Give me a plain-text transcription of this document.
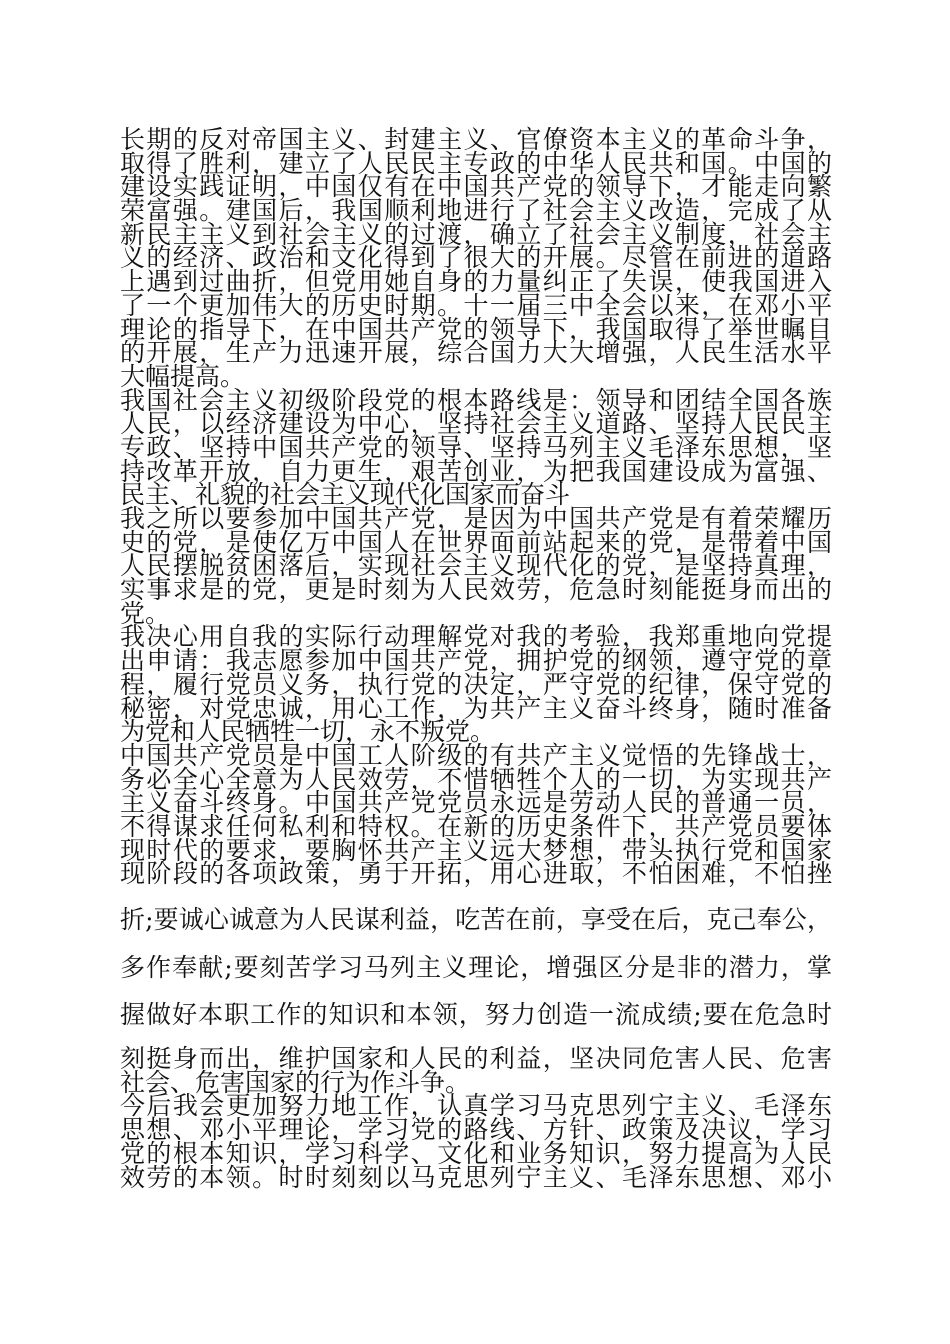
长期的反对帝国主义、封建主义、官僚资本主义的革命斗争，
取得了胜利，建立了人民民主专政的中华人民共和国。中国的
建设实践证明，中国仅有在中国共产党的领导下，才能走向繁
荣富强。建国后，我国顺利地进行了社会主义改造，完成了从
新民主主义到社会主义的过渡，确立了社会主义制度，社会主
义的经济、政治和文化得到了很大的开展。尽管在前进的道路
上遇到过曲折，但党用她自身的力量纠正了失误，使我国进入
了一个更加伟大的历史时期。十一届三中全会以来，在邓小平
理论的指导下，在中国共产党的领导下，我国取得了举世瞩目
的开展，生产力迅速开展，综合国力大大增强，人民生活水平
大幅提高。
我国社会主义初级阶段党的根本路线是：领导和团结全国各族
人民，以经济建设为中心，坚持社会主义道路、坚持人民民主
专政、坚持中国共产党的领导、坚持马列主义毛泽东思想，坚
持改革开放，自力更生，艰苦创业，为把我国建设成为富强、
民主、礼貌的社会主义现代化国家而奋斗
我之所以要参加中国共产党，是因为中国共产党是有着荣耀历
史的党，是使亿万中国人在世界面前站起来的党，是带着中国
人民摆脱贫困落后，实现社会主义现代化的党，是坚持真理，
实事求是的党，更是时刻为人民效劳，危急时刻能挺身而出的
党。
我决心用自我的实际行动理解党对我的考验，我郑重地向党提
出申请：我志愿参加中国共产党，拥护党的纲领，遵守党的章
程，履行党员义务，执行党的决定，严守党的纪律，保守党的
秘密，对党忠诚，用心工作，为共产主义奋斗终身，随时准备
为党和人民牺牲一切，永不叛党。
中国共产党员是中国工人阶级的有共产主义觉悟的先锋战士，
务必全心全意为人民效劳，不惜牺牲个人的一切，为实现共产
主义奋斗终身。中国共产党党员永远是劳动人民的普通一员，
不得谋求任何私利和特权。在新的历史条件下，共产党员要体
现时代的要求，要胸怀共产主义远大梦想，带头执行党和国家
现阶段的各项政策，勇于开拓，用心进取，不怕困难，不怕挫
折;要诚心诚意为人民谋利益，吃苦在前，享受在后，克己奉公，
多作奉献;要刻苦学习马列主义理论，增强区分是非的潜力，掌
握做好本职工作的知识和本领，努力创造一流成绩;要在危急时
刻挺身而出，维护国家和人民的利益，坚决同危害人民、危害
社会、危害国家的行为作斗争。
今后我会更加努力地工作，认真学习马克思列宁主义、毛泽东
思想、邓小平理论，学习党的路线、方针、政策及决议，学习
党的根本知识，学习科学、文化和业务知识，努力提高为人民
效劳的本领。时时刻刻以马克思列宁主义、毛泽东思想、邓小
